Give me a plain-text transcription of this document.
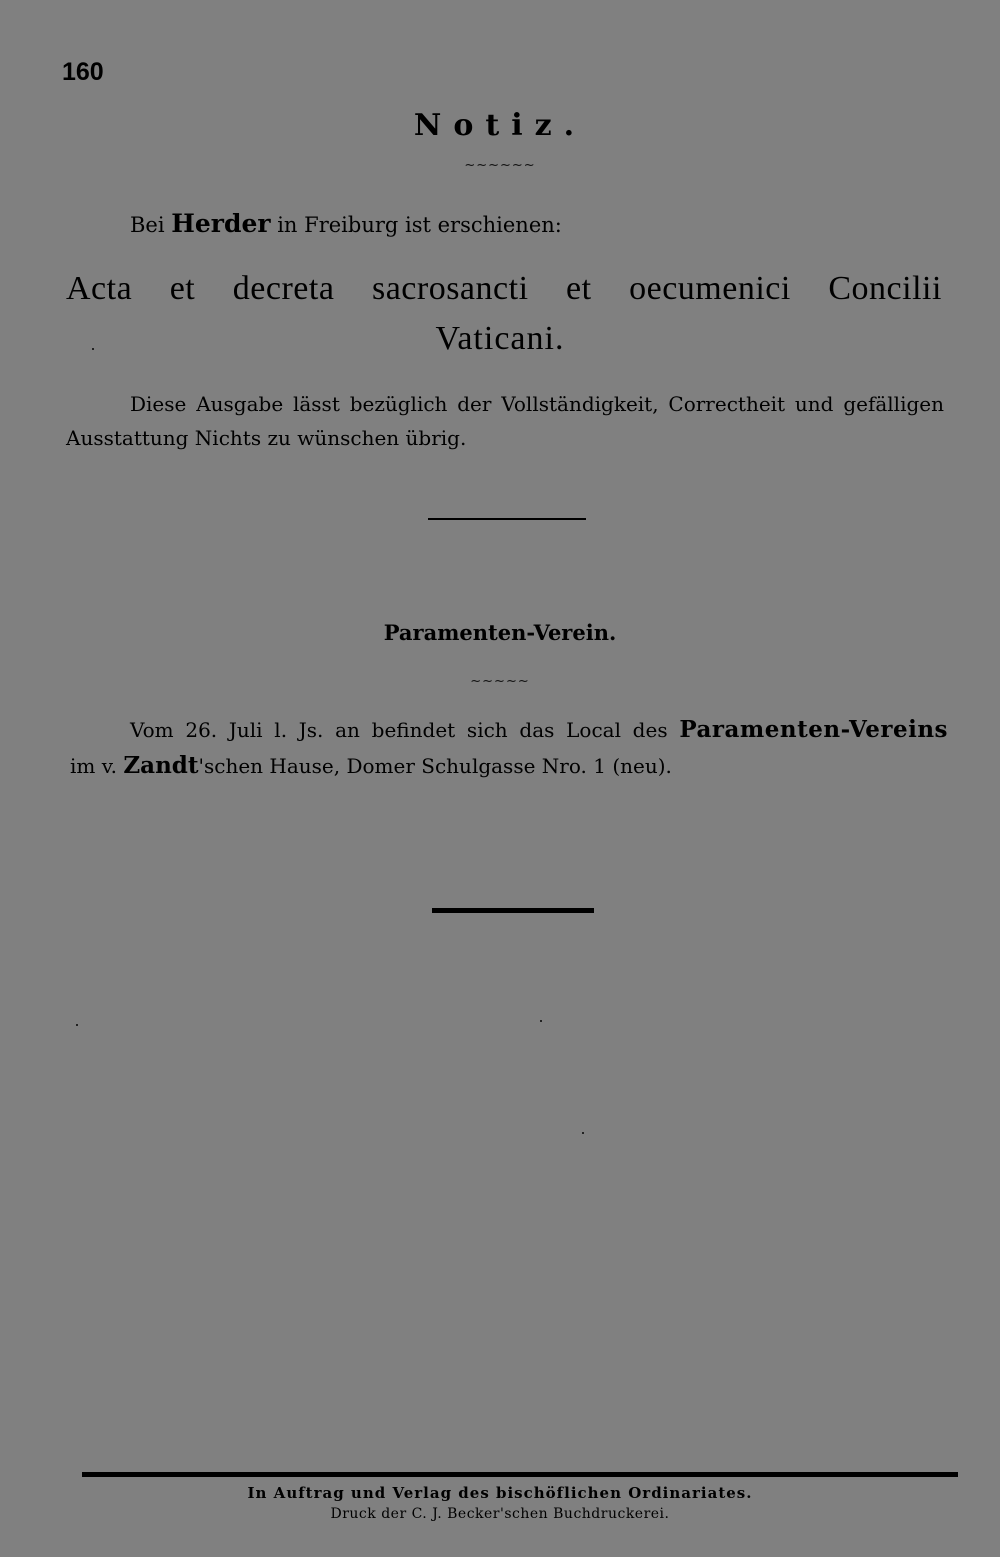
160
Notiz.
~~~~~~
Bei Herder in Freiburg ist erschienen:
Acta et decreta sacrosancti et oecumenici Concilii
Vaticani.
Diese Ausgabe lässt bezüglich der Vollständigkeit, Correctheit und gefälligen
Ausstattung Nichts zu wünschen übrig.
Paramenten-Verein.
~~~~~
Vom 26. Juli l. Js. an befindet sich das Local des Paramenten-Vereins
im v. Zandt'schen Hause, Domer Schulgasse Nro. 1 (neu).
In Auftrag und Verlag des bischöflichen Ordinariates.
Druck der C. J. Becker'schen Buchdruckerei.
